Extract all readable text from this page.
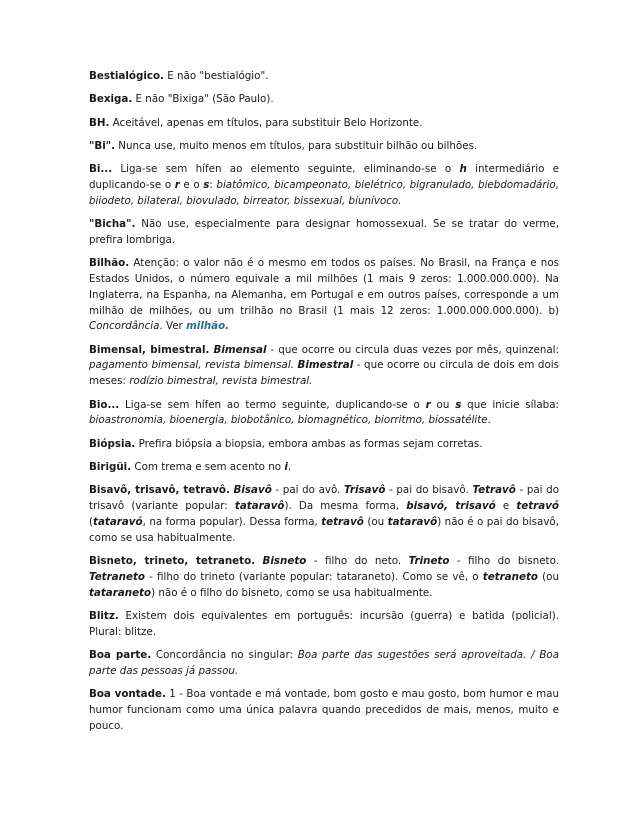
Bestialógico. E não "bestialógio".

Bexiga. E não "Bixiga" (São Paulo).

BH. Aceitável, apenas em títulos, para substituir Belo Horizonte.

"Bi". Nunca use, muito menos em títulos, para substituir bilhão ou bilhões.

Bi... Liga-se sem hífen ao elemento seguinte, eliminando-se o h intermediário e duplicando-se o r e o s: biatômico, bicampeonato, bielétrico, bigranulado, biebdomadário, biiodeto, bilateral, biovulado, birreator, bissexual, biunívoco.

"Bicha". Não use, especialmente para designar homossexual. Se se tratar do verme, prefira lombriga.

Bilhão. Atenção: o valor não é o mesmo em todos os países. No Brasil, na França e nos Estados Unidos, o número equivale a mil milhões (1 mais 9 zeros: 1.000.000.000). Na Inglaterra, na Espanha, na Alemanha, em Portugal e em outros países, corresponde a um milhão de milhões, ou um trilhão no Brasil (1 mais 12 zeros: 1.000.000.000.000). b) Concordância. Ver milhão.

Bimensal, bimestral. Bimensal - que ocorre ou circula duas vezes por mês, quinzenal: pagamento bimensal, revista bimensal. Bimestral - que ocorre ou circula de dois em dois meses: rodízio bimestral, revista bimestral.

Bio... Liga-se sem hífen ao termo seguinte, duplicando-se o r ou s que inicie sílaba: bioastronomia, bioenergia, biobotânico, biomagnético, biorritmo, biossatélite.

Biópsia. Prefira biópsia a biopsia, embora ambas as formas sejam corretas.

Birigüi. Com trema e sem acento no i.

Bisavô, trisavô, tetravô. Bisavô - pai do avô. Trisavô - pai do bisavô. Tetravô - pai do trisavô (variante popular: tataravô). Da mesma forma, bisavó, trisavó e tetravó (tataravó, na forma popular). Dessa forma, tetravô (ou tataravô) não é o pai do bisavô, como se usa habitualmente.

Bisneto, trineto, tetraneto. Bisneto - filho do neto. Trineto - filho do bisneto. Tetraneto - filho do trineto (variante popular: tataraneto). Como se vê, o tetraneto (ou tataraneto) não é o filho do bisneto, como se usa habitualmente.

Blitz. Existem dois equivalentes em português: incursão (guerra) e batida (policial). Plural: blitze.

Boa parte. Concordância no singular: Boa parte das sugestões será aproveitada. / Boa parte das pessoas já passou.

Boa vontade. 1 - Boa vontade e má vontade, bom gosto e mau gosto, bom humor e mau humor funcionam como uma única palavra quando precedidos de mais, menos, muito e pouco.
